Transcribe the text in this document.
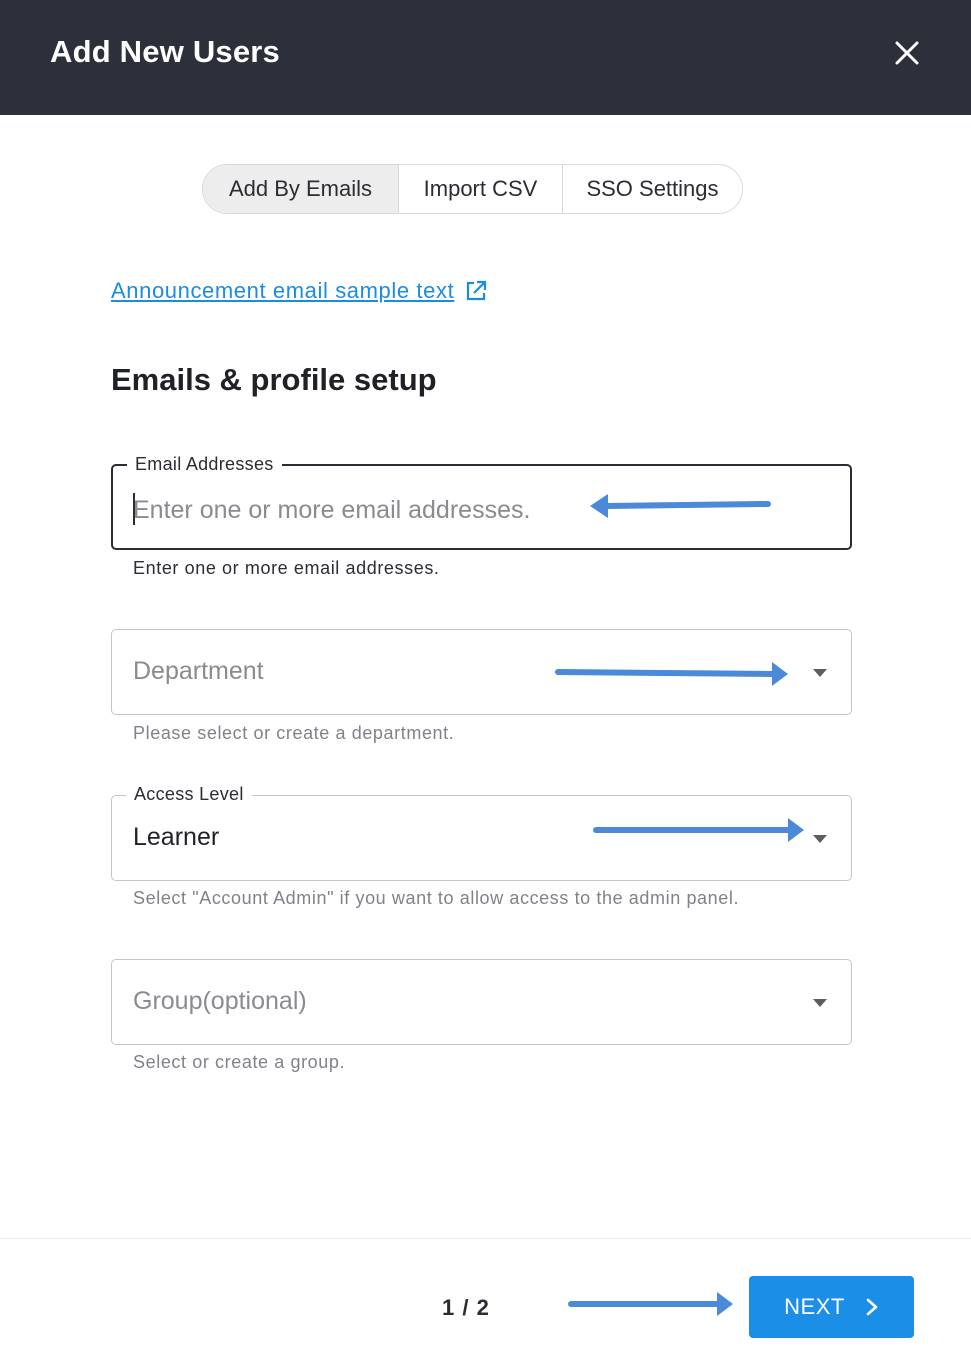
Add New Users
Add By Emails	Import CSV	SSO Settings
Announcement email sample text
Emails & profile setup
Email Addresses
Enter one or more email addresses.
Enter one or more email addresses.
Department
Please select or create a department.
Access Level
Learner
Select "Account Admin" if you want to allow access to the admin panel.
Group(optional)
Select or create a group.
1 / 2	NEXT
